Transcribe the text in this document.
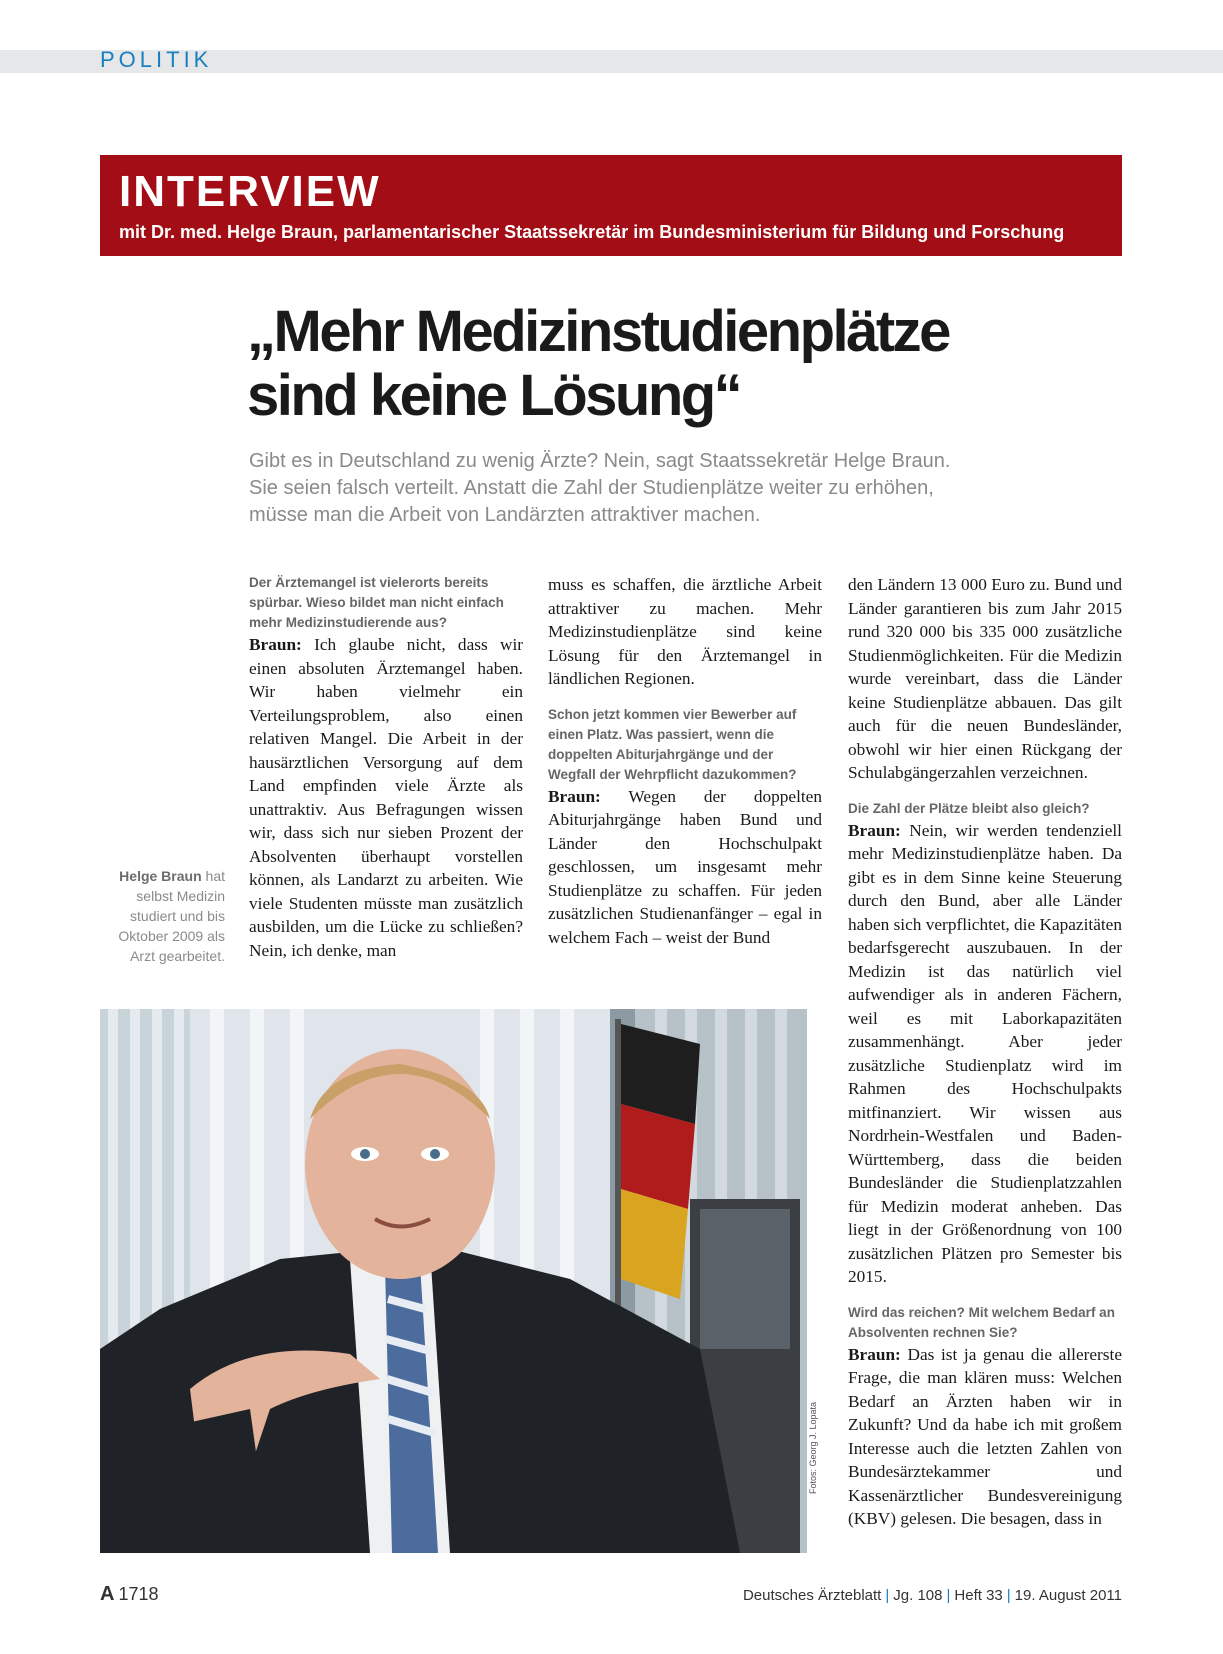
POLITIK
INTERVIEW
mit Dr. med. Helge Braun, parlamentarischer Staatssekretär im Bundesministerium für Bildung und Forschung
„Mehr Medizinstudienplätze
sind keine Lösung“
Gibt es in Deutschland zu wenig Ärzte? Nein, sagt Staatssekretär Helge Braun.
Sie seien falsch verteilt. Anstatt die Zahl der Studienplätze weiter zu erhöhen,
müsse man die Arbeit von Landärzten attraktiver machen.
Helge Braun hat selbst Medizin studiert und bis Oktober 2009 als Arzt gearbeitet.

Der Ärztemangel ist vielerorts bereits spürbar. Wieso bildet man nicht einfach mehr Medizinstudierende aus?

Braun: Ich glaube nicht, dass wir einen absoluten Ärztemangel haben. Wir haben vielmehr ein Verteilungsproblem, also einen relativen Mangel. Die Arbeit in der hausärztlichen Versorgung auf dem Land empfinden viele Ärzte als unattraktiv. Aus Befragungen wissen wir, dass sich nur sieben Prozent der Absolventen überhaupt vorstellen können, als Landarzt zu arbeiten. Wie viele Studenten müsste man zusätzlich ausbilden, um die Lücke zu schließen? Nein, ich denke, man

muss es schaffen, die ärztliche Arbeit attraktiver zu machen. Mehr Medizinstudienplätze sind keine Lösung für den Ärztemangel in ländlichen Regionen.

Schon jetzt kommen vier Bewerber auf einen Platz. Was passiert, wenn die doppelten Abiturjahrgänge und der Wegfall der Wehrpflicht dazukommen?

Braun: Wegen der doppelten Abiturjahrgänge haben Bund und Länder den Hochschulpakt geschlossen, um insgesamt mehr Studienplätze zu schaffen. Für jeden zusätzlichen Studienanfänger – egal in welchem Fach – weist der Bund

den Ländern 13 000 Euro zu. Bund und Länder garantieren bis zum Jahr 2015 rund 320 000 bis 335 000 zusätzliche Studienmöglichkeiten. Für die Medizin wurde vereinbart, dass die Länder keine Studienplätze abbauen. Das gilt auch für die neuen Bundesländer, obwohl wir hier einen Rückgang der Schulabgängerzahlen verzeichnen.

Die Zahl der Plätze bleibt also gleich?

Braun: Nein, wir werden tendenziell mehr Medizinstudienplätze haben. Da gibt es in dem Sinne keine Steuerung durch den Bund, aber alle Länder haben sich verpflichtet, die Kapazitäten bedarfsgerecht auszubauen. In der Medizin ist das natürlich viel aufwendiger als in anderen Fächern, weil es mit Laborkapazitäten zusammenhängt. Aber jeder zusätzliche Studienplatz wird im Rahmen des Hochschulpakts mitfinanziert. Wir wissen aus Nordrhein-Westfalen und Baden-Württemberg, dass die beiden Bundesländer die Studienplatzzahlen für Medizin moderat anheben. Das liegt in der Größenordnung von 100 zusätzlichen Plätzen pro Semester bis 2015.

Wird das reichen? Mit welchem Bedarf an Absolventen rechnen Sie?

Braun: Das ist ja genau die allererste Frage, die man klären muss: Welchen Bedarf an Ärzten haben wir in Zukunft? Und da habe ich mit großem Interesse auch die letzten Zahlen von Bundesärztekammer und Kassenärztlicher Bundesvereinigung (KBV) gelesen. Die besagen, dass in

Fotos: Georg J. Lopata
A 1718	Deutsches Ärzteblatt | Jg. 108 | Heft 33 | 19. August 2011
